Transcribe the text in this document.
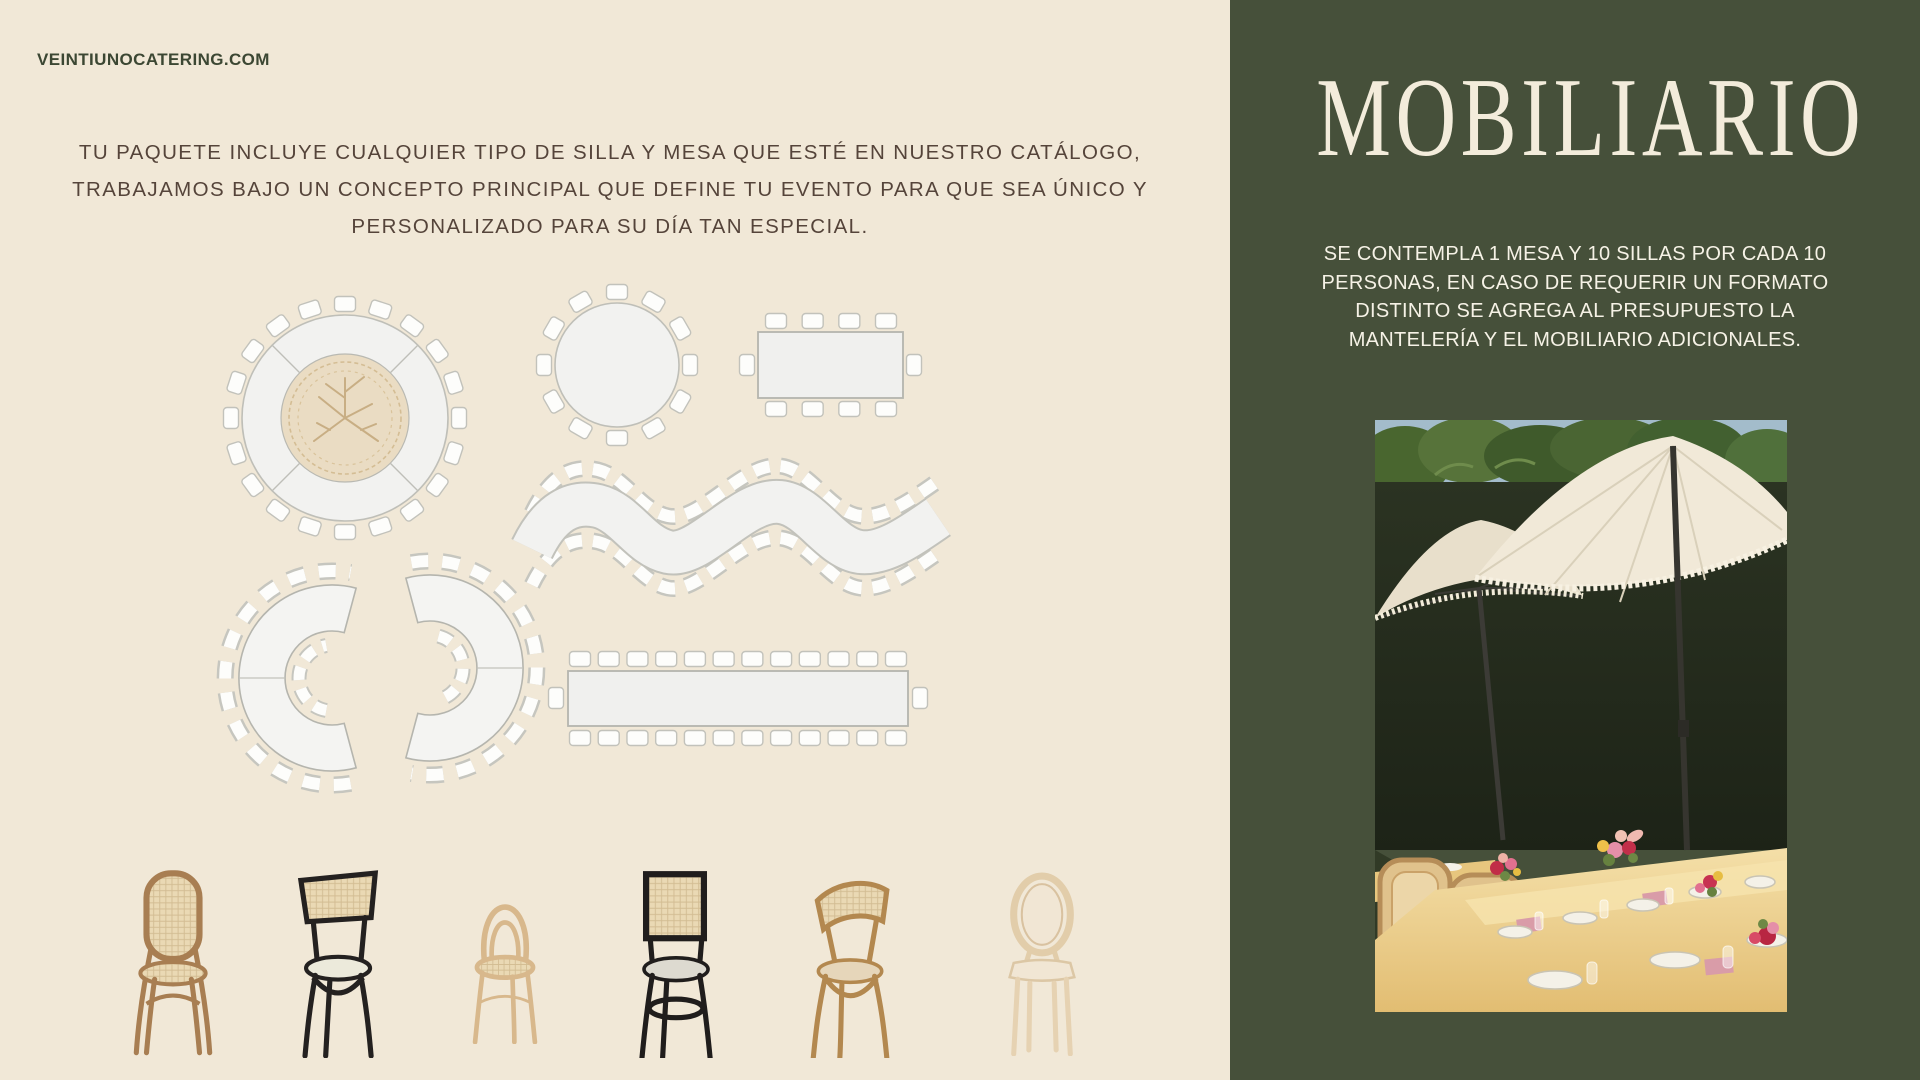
VEINTIUNOCATERING.COM
TU PAQUETE INCLUYE CUALQUIER TIPO DE SILLA Y MESA QUE ESTÉ EN NUESTRO CATÁLOGO,
TRABAJAMOS BAJO UN CONCEPTO PRINCIPAL QUE DEFINE TU EVENTO PARA QUE SEA ÚNICO Y
PERSONALIZADO PARA SU DÍA TAN ESPECIAL.
MOBILIARIO
SE CONTEMPLA 1 MESA Y 10 SILLAS POR CADA 10
PERSONAS, EN CASO DE REQUERIR UN FORMATO
DISTINTO SE AGREGA AL PRESUPUESTO LA
MANTELERÍA Y EL MOBILIARIO ADICIONALES.
